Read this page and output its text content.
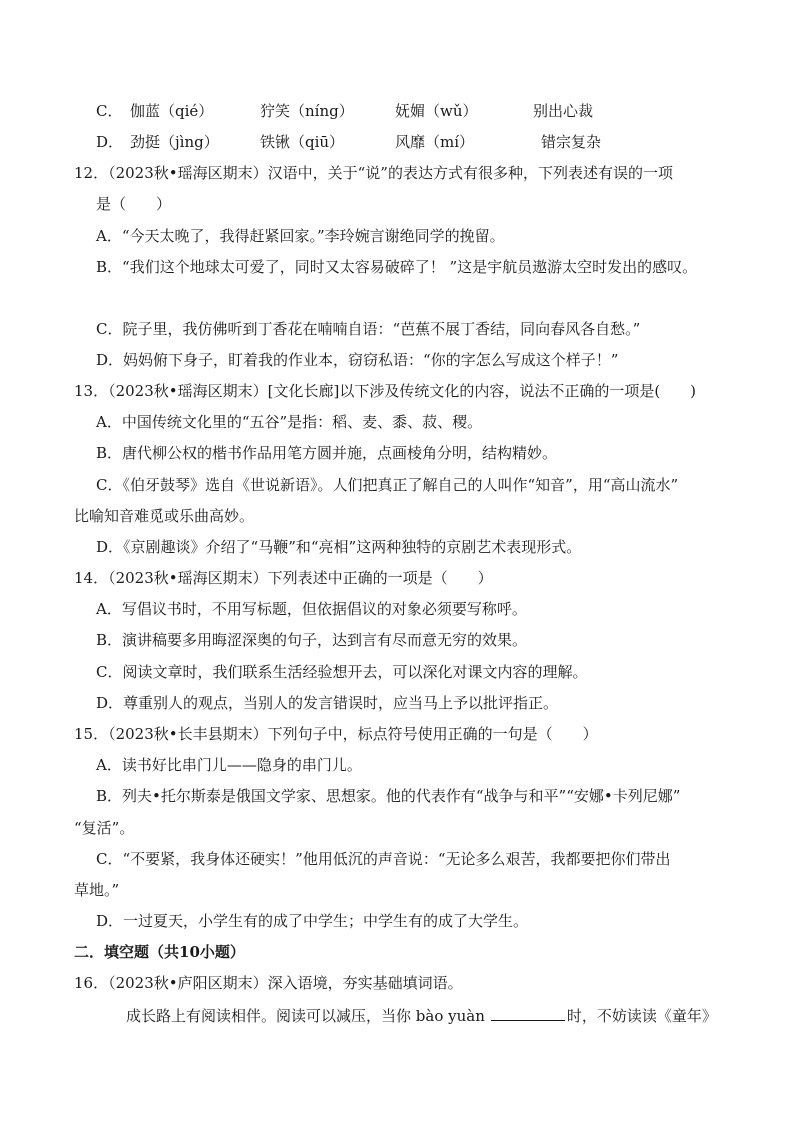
C． 伽蓝（qié）	狞笑（níng）	妩媚（wǔ）	别出心裁
D． 劲挺（jìng）	铁锹（qiū）	风靡（mí）	错宗复杂
12．（2023秋•瑶海区期末）汉语中，关于“说”的表达方式有很多种，下列表述有误的一项
是（　　）
A．“今天太晚了，我得赶紧回家。”李玲婉言谢绝同学的挽留。
B．“我们这个地球太可爱了，同时又太容易破碎了！ ”这是宇航员遨游太空时发出的感叹。
C．院子里，我仿佛听到丁香花在喃喃自语：“芭蕉不展丁香结，同向春风各自愁。”
D．妈妈俯下身子，盯着我的作业本，窃窃私语：“你的字怎么写成这个样子！”
13．（2023秋•瑶海区期末）[文化长廊]以下涉及传统文化的内容，说法不正确的一项是(　　)
A．中国传统文化里的“五谷”是指：稻、麦、黍、菽、稷。
B．唐代柳公权的楷书作品用笔方圆并施，点画棱角分明，结构精妙。
C．《伯牙鼓琴》选自《世说新语》。人们把真正了解自己的人叫作“知音”，用“高山流水”
比喻知音难觅或乐曲高妙。
D．《京剧趣谈》介绍了“马鞭”和“亮相”这两种独特的京剧艺术表现形式。
14．（2023秋•瑶海区期末）下列表述中正确的一项是（　　）
A．写倡议书时，不用写标题，但依据倡议的对象必须要写称呼。
B．演讲稿要多用晦涩深奥的句子，达到言有尽而意无穷的效果。
C．阅读文章时，我们联系生活经验想开去，可以深化对课文内容的理解。
D．尊重别人的观点，当别人的发言错误时，应当马上予以批评指正。
15．（2023秋•长丰县期末）下列句子中，标点符号使用正确的一句是（　　）
A．读书好比串门儿——隐身的串门儿。
B．列夫•托尔斯泰是俄国文学家、思想家。他的代表作有“战争与和平”“安娜•卡列尼娜”
“复活”。
C．“不要紧，我身体还硬实！”他用低沉的声音说：“无论多么艰苦，我都要把你们带出
草地。”
D．一过夏天，小学生有的成了中学生；中学生有的成了大学生。
二．填空题（共10小题）
16．（2023秋•庐阳区期末）深入语境，夯实基础填词语。
成长路上有阅读相伴。阅读可以减压，当你 bào yuàn	时，不妨读读《童年》
